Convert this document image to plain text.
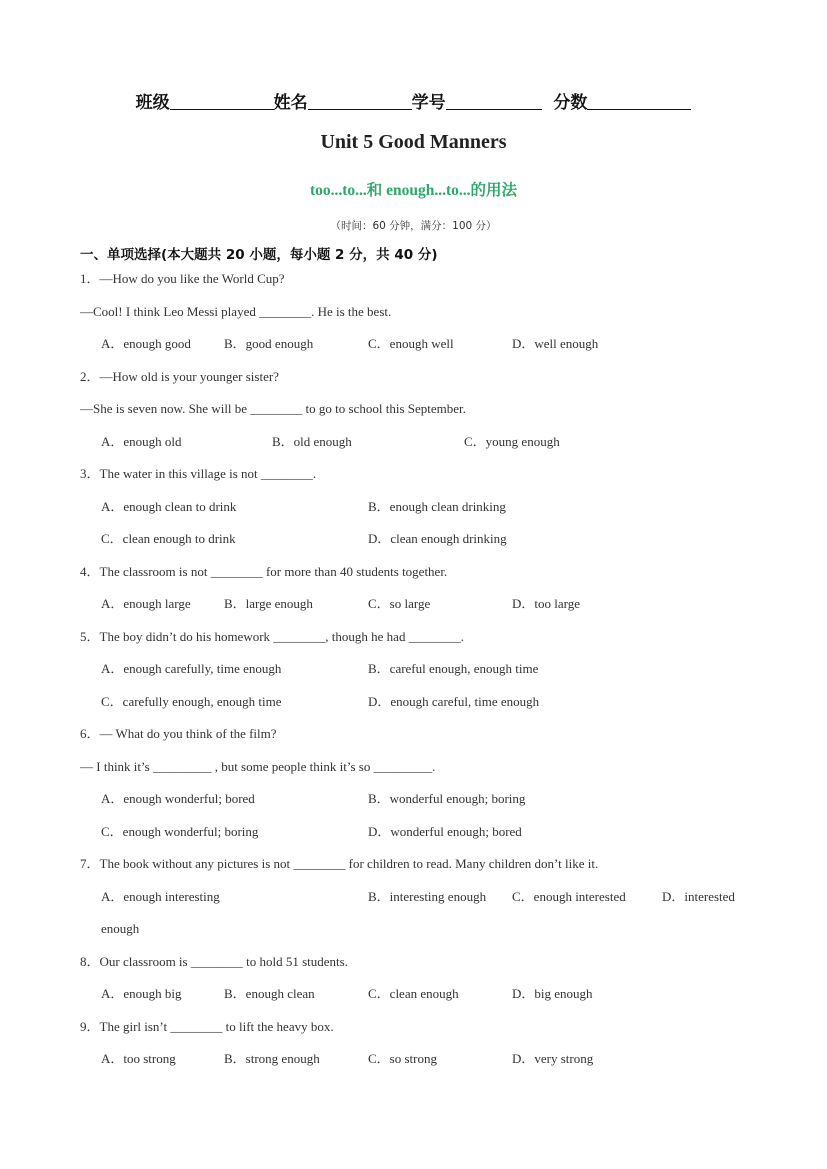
班级	姓名	学号	分数
Unit 5 Good Manners
too...to...和 enough...to...的用法
（时间：60 分钟，满分：100 分）
一、单项选择(本大题共 20 小题，每小题 2 分，共 40 分)
1．—How do you like the World Cup?
—Cool! I think Leo Messi played ________. He is the best.
A．enough good	B．good enough	C．enough well	D．well enough
2．—How old is your younger sister?
—She is seven now. She will be ________ to go to school this September.
A．enough old	B．old enough	C．young enough
3．The water in this village is not ________.
A．enough clean to drink	B．enough clean drinking
C．clean enough to drink	D．clean enough drinking
4．The classroom is not ________ for more than 40 students together.
A．enough large	B．large enough	C．so large	D．too large
5．The boy didn’t do his homework ________, though he had ________.
A．enough carefully, time enough	B．careful enough, enough time
C．carefully enough, enough time	D．enough careful, time enough
6．— What do you think of the film?
— I think it’s _________ , but some people think it’s so _________.
A．enough wonderful; bored	B．wonderful enough; boring
C．enough wonderful; boring	D．wonderful enough; bored
7．The book without any pictures is not ________ for children to read. Many children don’t like it.
A．enough interesting	B．interesting enough C．enough interested	D．interested
enough
8．Our classroom is ________ to hold 51 students.
A．enough big	B．enough clean	C．clean enough	D．big enough
9．The girl isn’t ________ to lift the heavy box.
A．too strong	B．strong enough	C．so strong	D．very strong
